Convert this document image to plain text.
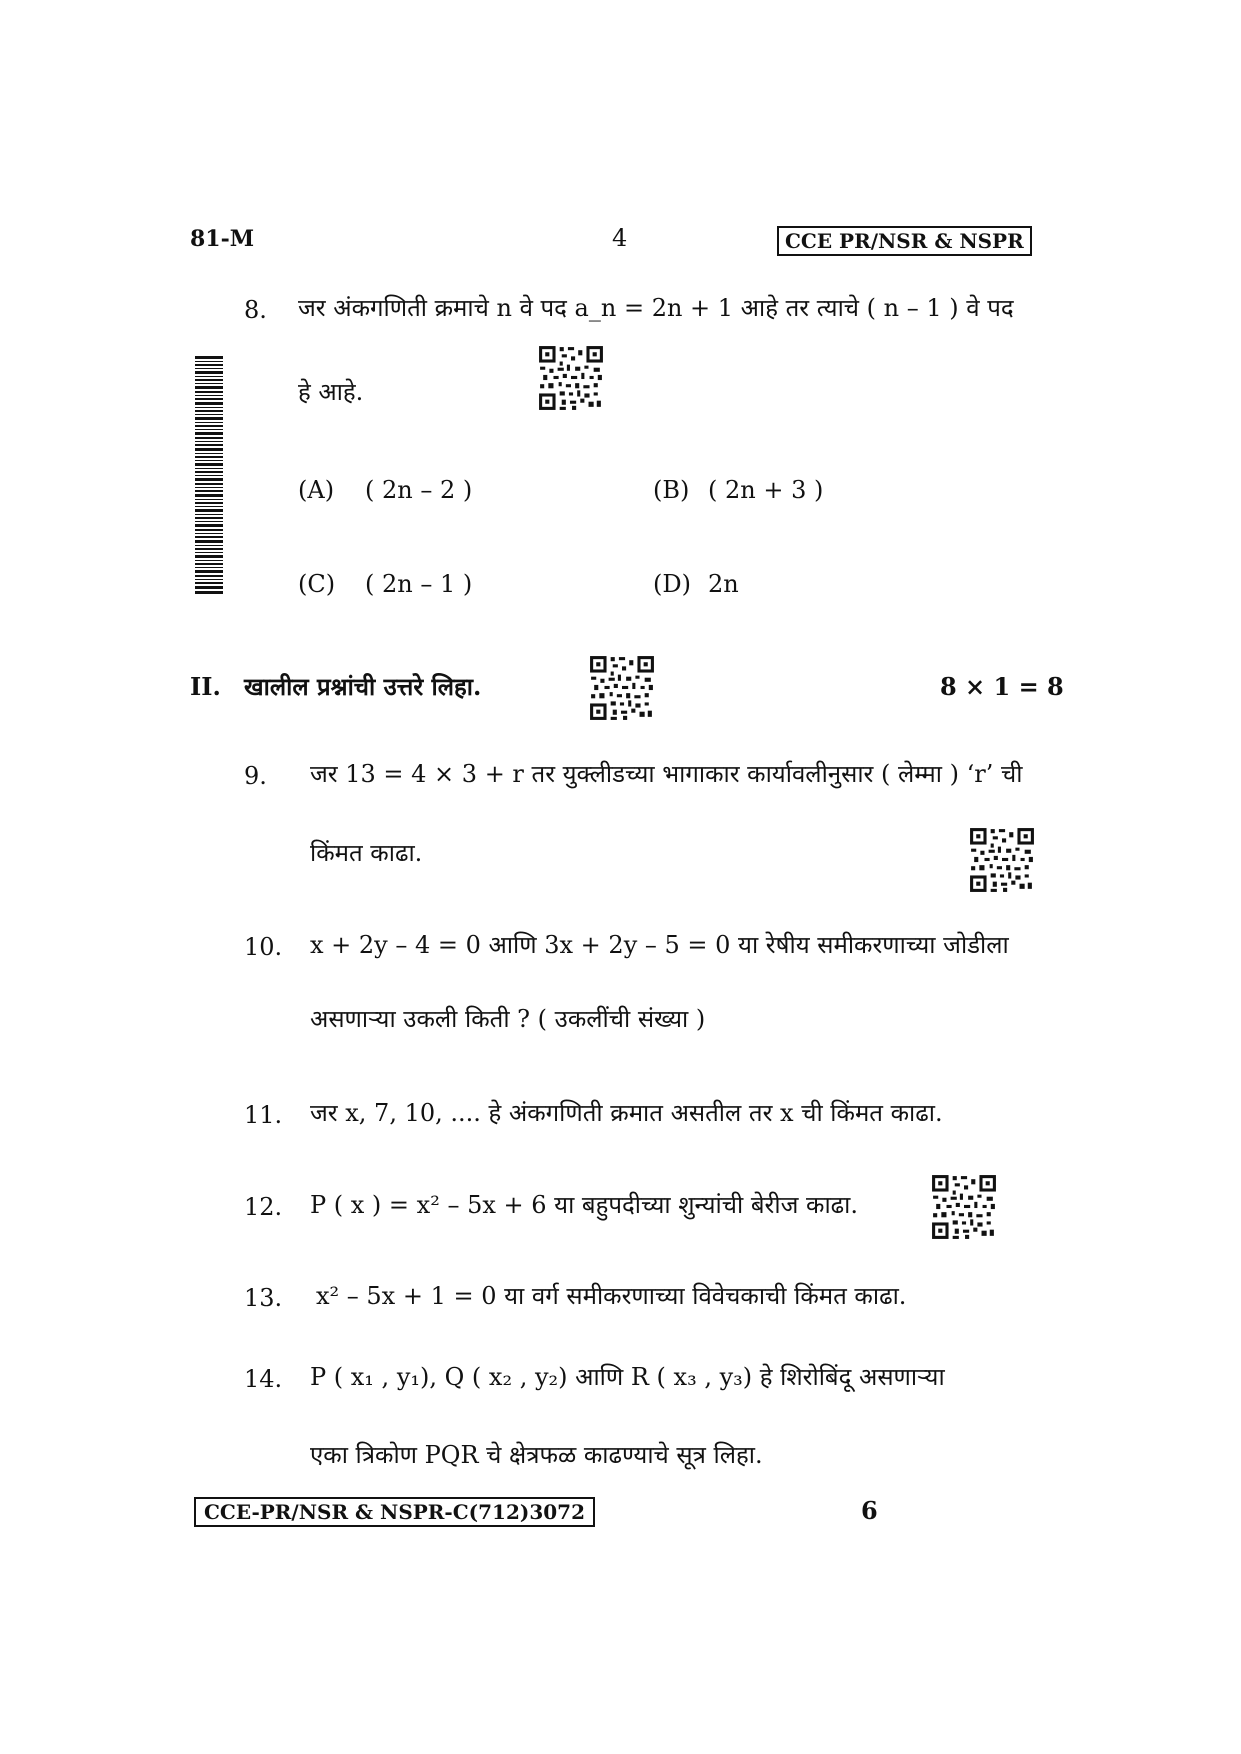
81-M	4	CCE PR/NSR & NSPR
8. जर अंकगणिती क्रमाचे n वे पद a_n = 2n + 1 आहे तर त्याचे ( n – 1 ) वे पद
हे आहे.
(A) ( 2n – 2 )	(B) ( 2n + 3 )
(C) ( 2n – 1 )	(D) 2n
II. खालील प्रश्नांची उत्तरे लिहा.	8 × 1 = 8
9. जर 13 = 4 × 3 + r तर युक्लीडच्या भागाकार कार्यावलीनुसार ( लेम्मा ) ‘r’ ची
किंमत काढा.
10. x + 2y – 4 = 0 आणि 3x + 2y – 5 = 0 या रेषीय समीकरणाच्या जोडीला
असणाऱ्या उकली किती ? ( उकलींची संख्या )
11. जर x, 7, 10, .... हे अंकगणिती क्रमात असतील तर x ची किंमत काढा.
12. P ( x ) = x² – 5x + 6 या बहुपदीच्या शुन्यांची बेरीज काढा.
13. x² – 5x + 1 = 0 या वर्ग समीकरणाच्या विवेचकाची किंमत काढा.
14. P ( x₁ , y₁), Q ( x₂ , y₂) आणि R ( x₃ , y₃) हे शिरोबिंदू असणाऱ्या
एका त्रिकोण PQR चे क्षेत्रफळ काढण्याचे सूत्र लिहा.
CCE-PR/NSR & NSPR-C(712)3072	6
